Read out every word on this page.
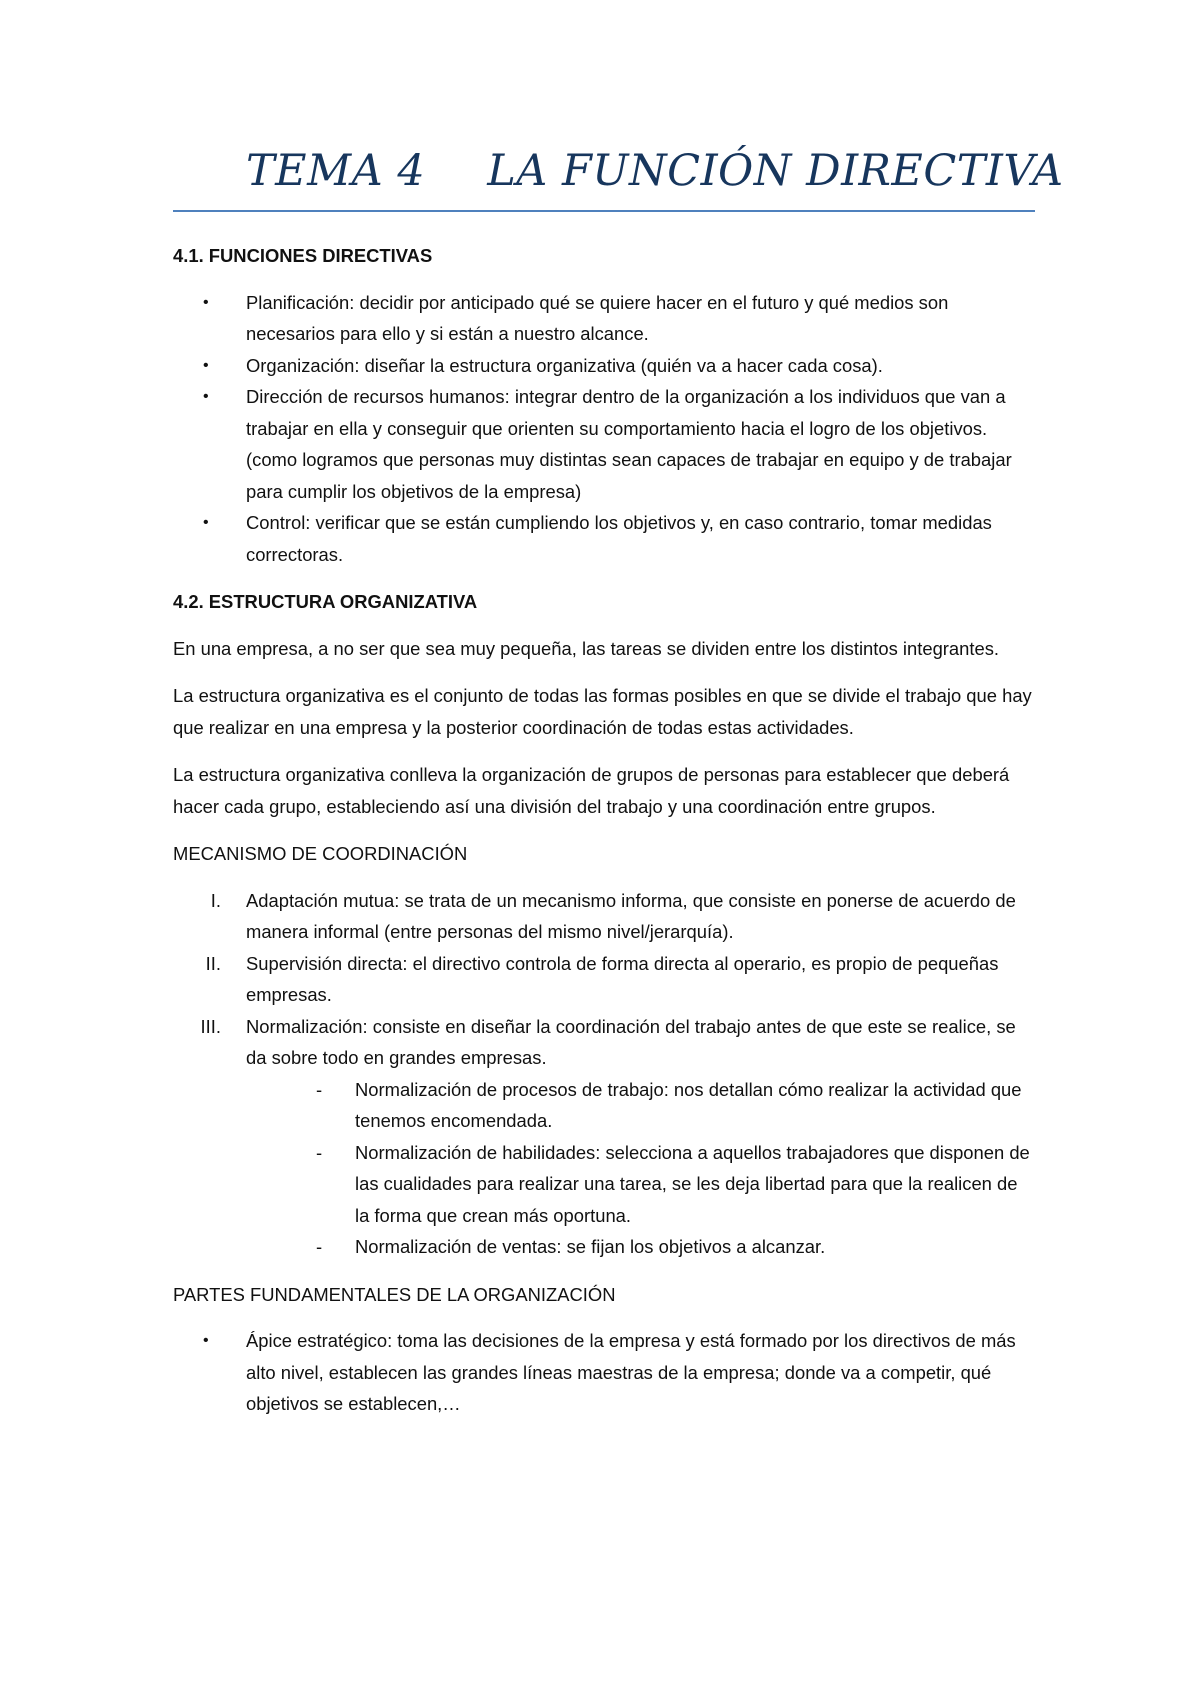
TEMA 4 LA FUNCIÓN DIRECTIVA
4.1. FUNCIONES DIRECTIVAS
• Planificación: decidir por anticipado qué se quiere hacer en el futuro y qué medios son necesarios para ello y si están a nuestro alcance.
• Organización: diseñar la estructura organizativa (quién va a hacer cada cosa).
• Dirección de recursos humanos: integrar dentro de la organización a los individuos que van a trabajar en ella y conseguir que orienten su comportamiento hacia el logro de los objetivos. (como logramos que personas muy distintas sean capaces de trabajar en equipo y de trabajar para cumplir los objetivos de la empresa)
• Control: verificar que se están cumpliendo los objetivos y, en caso contrario, tomar medidas correctoras.
4.2. ESTRUCTURA ORGANIZATIVA

En una empresa, a no ser que sea muy pequeña, las tareas se dividen entre los distintos integrantes.

La estructura organizativa es el conjunto de todas las formas posibles en que se divide el trabajo que hay que realizar en una empresa y la posterior coordinación de todas estas actividades.

La estructura organizativa conlleva la organización de grupos de personas para establecer que deberá hacer cada grupo, estableciendo así una división del trabajo y una coordinación entre grupos.

MECANISMO DE COORDINACIÓN
I. Adaptación mutua: se trata de un mecanismo informa, que consiste en ponerse de acuerdo de manera informal (entre personas del mismo nivel/jerarquía).
II. Supervisión directa: el directivo controla de forma directa al operario, es propio de pequeñas empresas.
III. Normalización: consiste en diseñar la coordinación del trabajo antes de que este se realice, se da sobre todo en grandes empresas.
- Normalización de procesos de trabajo: nos detallan cómo realizar la actividad que tenemos encomendada.
- Normalización de habilidades: selecciona a aquellos trabajadores que disponen de las cualidades para realizar una tarea, se les deja libertad para que la realicen de la forma que crean más oportuna.
- Normalización de ventas: se fijan los objetivos a alcanzar.
PARTES FUNDAMENTALES DE LA ORGANIZACIÓN
• Ápice estratégico: toma las decisiones de la empresa y está formado por los directivos de más alto nivel, establecen las grandes líneas maestras de la empresa; donde va a competir, qué objetivos se establecen,…
